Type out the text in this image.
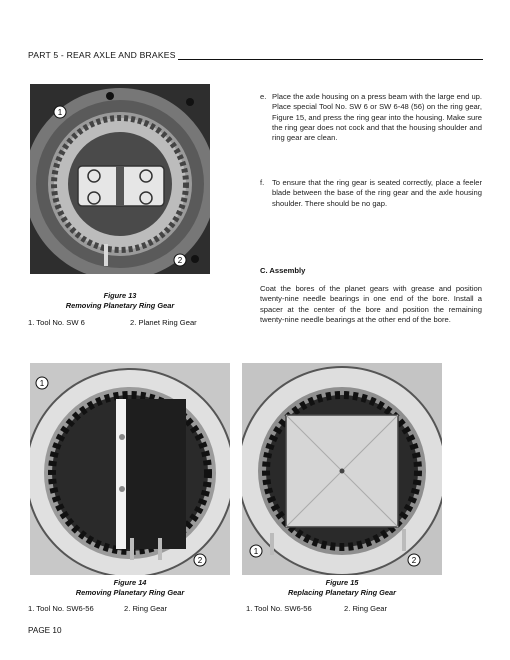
PART 5 - REAR AXLE AND BRAKES
1
2
e. Place the axle housing on a press beam with the large end up. Place special Tool No. SW 6 or SW 6-48 (56) on the ring gear, Figure 15, and press the ring gear into the housing. Make sure the ring gear does not cock and that the housing shoulder and ring gear are clean.
f. To ensure that the ring gear is seated correctly, place a feeler blade between the base of the ring gear and the axle housing shoulder. There should be no gap.
C. Assembly
Coat the bores of the planet gears with grease and position twenty-nine needle bearings in one end of the bore. Install a spacer at the center of the bore and position the remaining twenty-nine needle bearings at the other end of the bore.
Figure 13
Removing Planetary Ring Gear
1. Tool No. SW 6	2. Planet Ring Gear
1
2
1
2
Figure 14
Removing Planetary Ring Gear
1. Tool No. SW6-56	2. Ring Gear
Figure 15
Replacing Planetary Ring Gear
1. Tool No. SW6-56	2. Ring Gear
PAGE 10
